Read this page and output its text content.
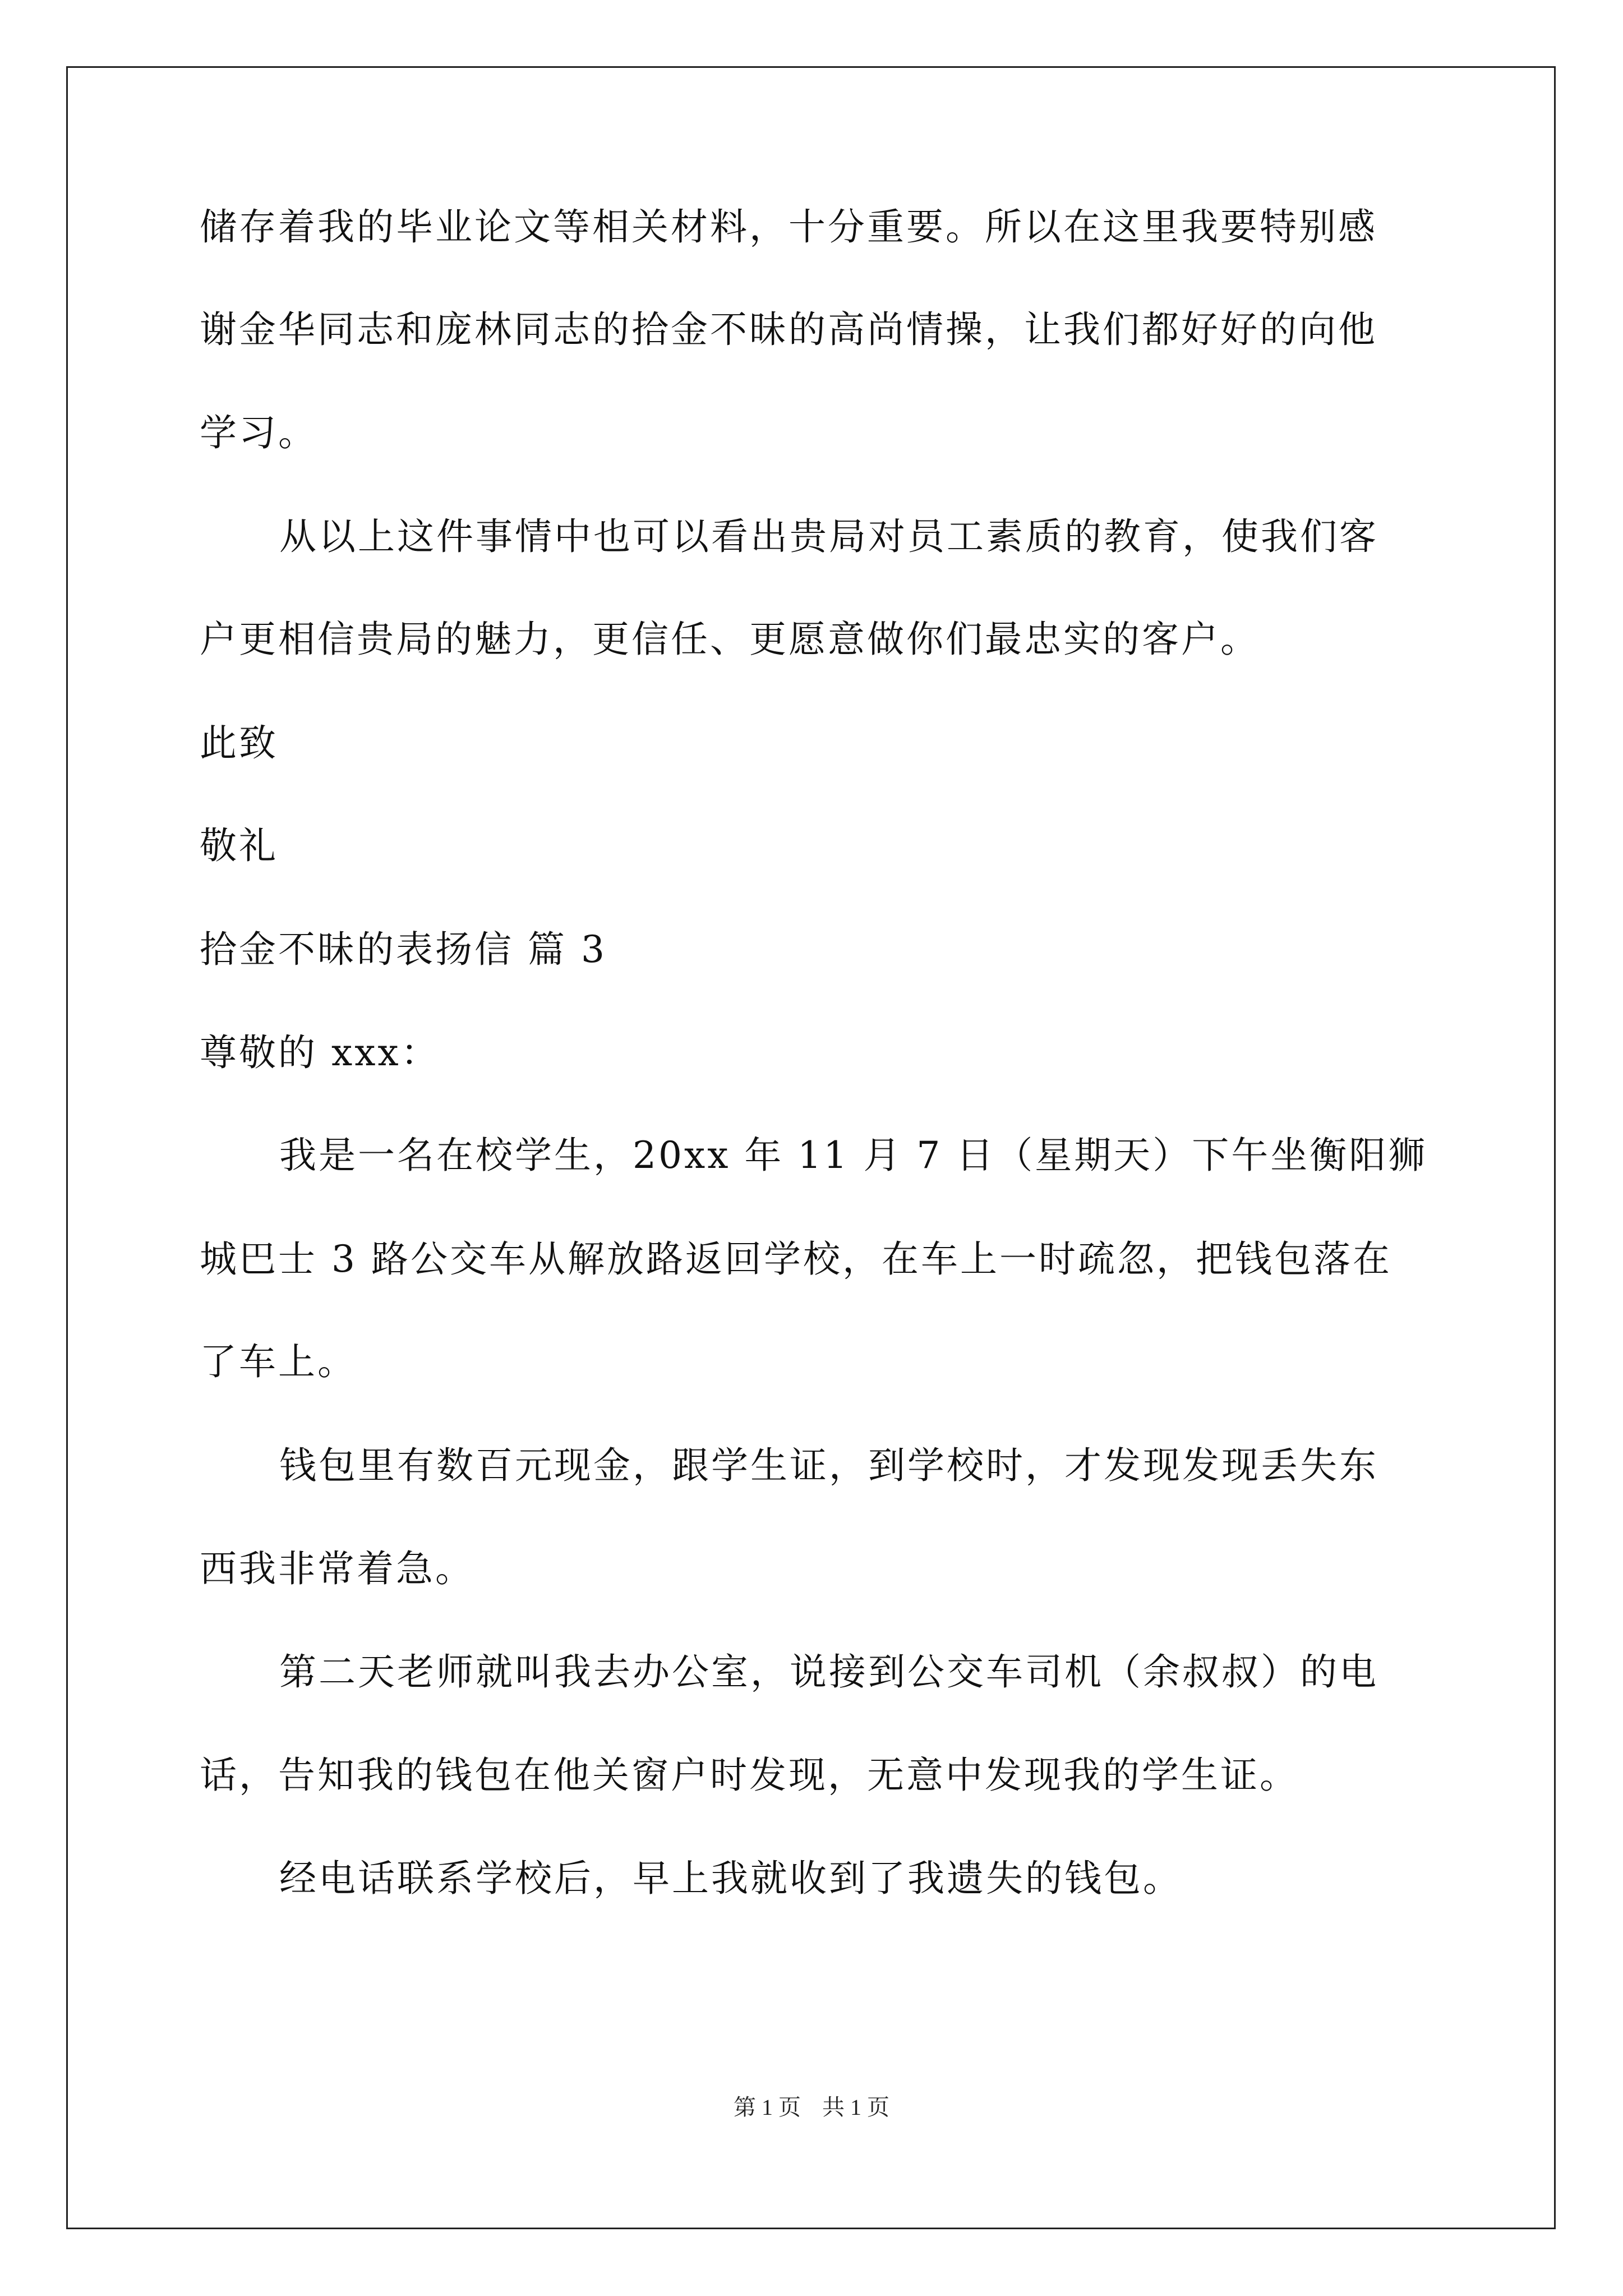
储存着我的毕业论文等相关材料，十分重要。所以在这里我要特别感
谢金华同志和庞林同志的拾金不昧的高尚情操，让我们都好好的向他
学习。
从以上这件事情中也可以看出贵局对员工素质的教育，使我们客
户更相信贵局的魅力，更信任、更愿意做你们最忠实的客户。
此致
敬礼
拾金不昧的表扬信 篇 3
尊敬的 xxx：
我是一名在校学生，20xx 年 11 月 7 日（星期天）下午坐衡阳狮
城巴士 3 路公交车从解放路返回学校，在车上一时疏忽，把钱包落在
了车上。
钱包里有数百元现金，跟学生证，到学校时，才发现发现丢失东
西我非常着急。
第二天老师就叫我去办公室，说接到公交车司机（余叔叔）的电
话，告知我的钱包在他关窗户时发现，无意中发现我的学生证。
经电话联系学校后，早上我就收到了我遗失的钱包。
第 1 页 共 1 页
